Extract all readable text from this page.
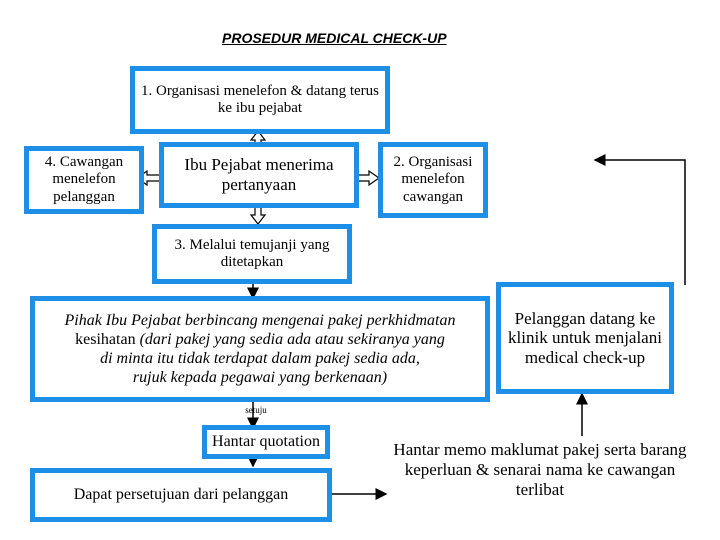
PROSEDUR MEDICAL CHECK-UP
1. Organisasi menelefon & datang terus ke ibu pejabat
4. Cawangan menelefon pelanggan
Ibu Pejabat menerima pertanyaan
2. Organisasi menelefon cawangan
3. Melalui temujanji yang ditetapkan
Pihak Ibu Pejabat berbincang mengenai pakej perkhidmatan
kesihatan (dari pakej yang sedia ada atau sekiranya yang
di minta itu tidak terdapat dalam pakej sedia ada,
rujuk kepada pegawai yang berkenaan)
Pelanggan datang ke klinik untuk menjalani medical check-up
setuju
Hantar quotation
Dapat persetujuan dari pelanggan
Hantar memo maklumat pakej serta barang keperluan & senarai nama ke cawangan terlibat
